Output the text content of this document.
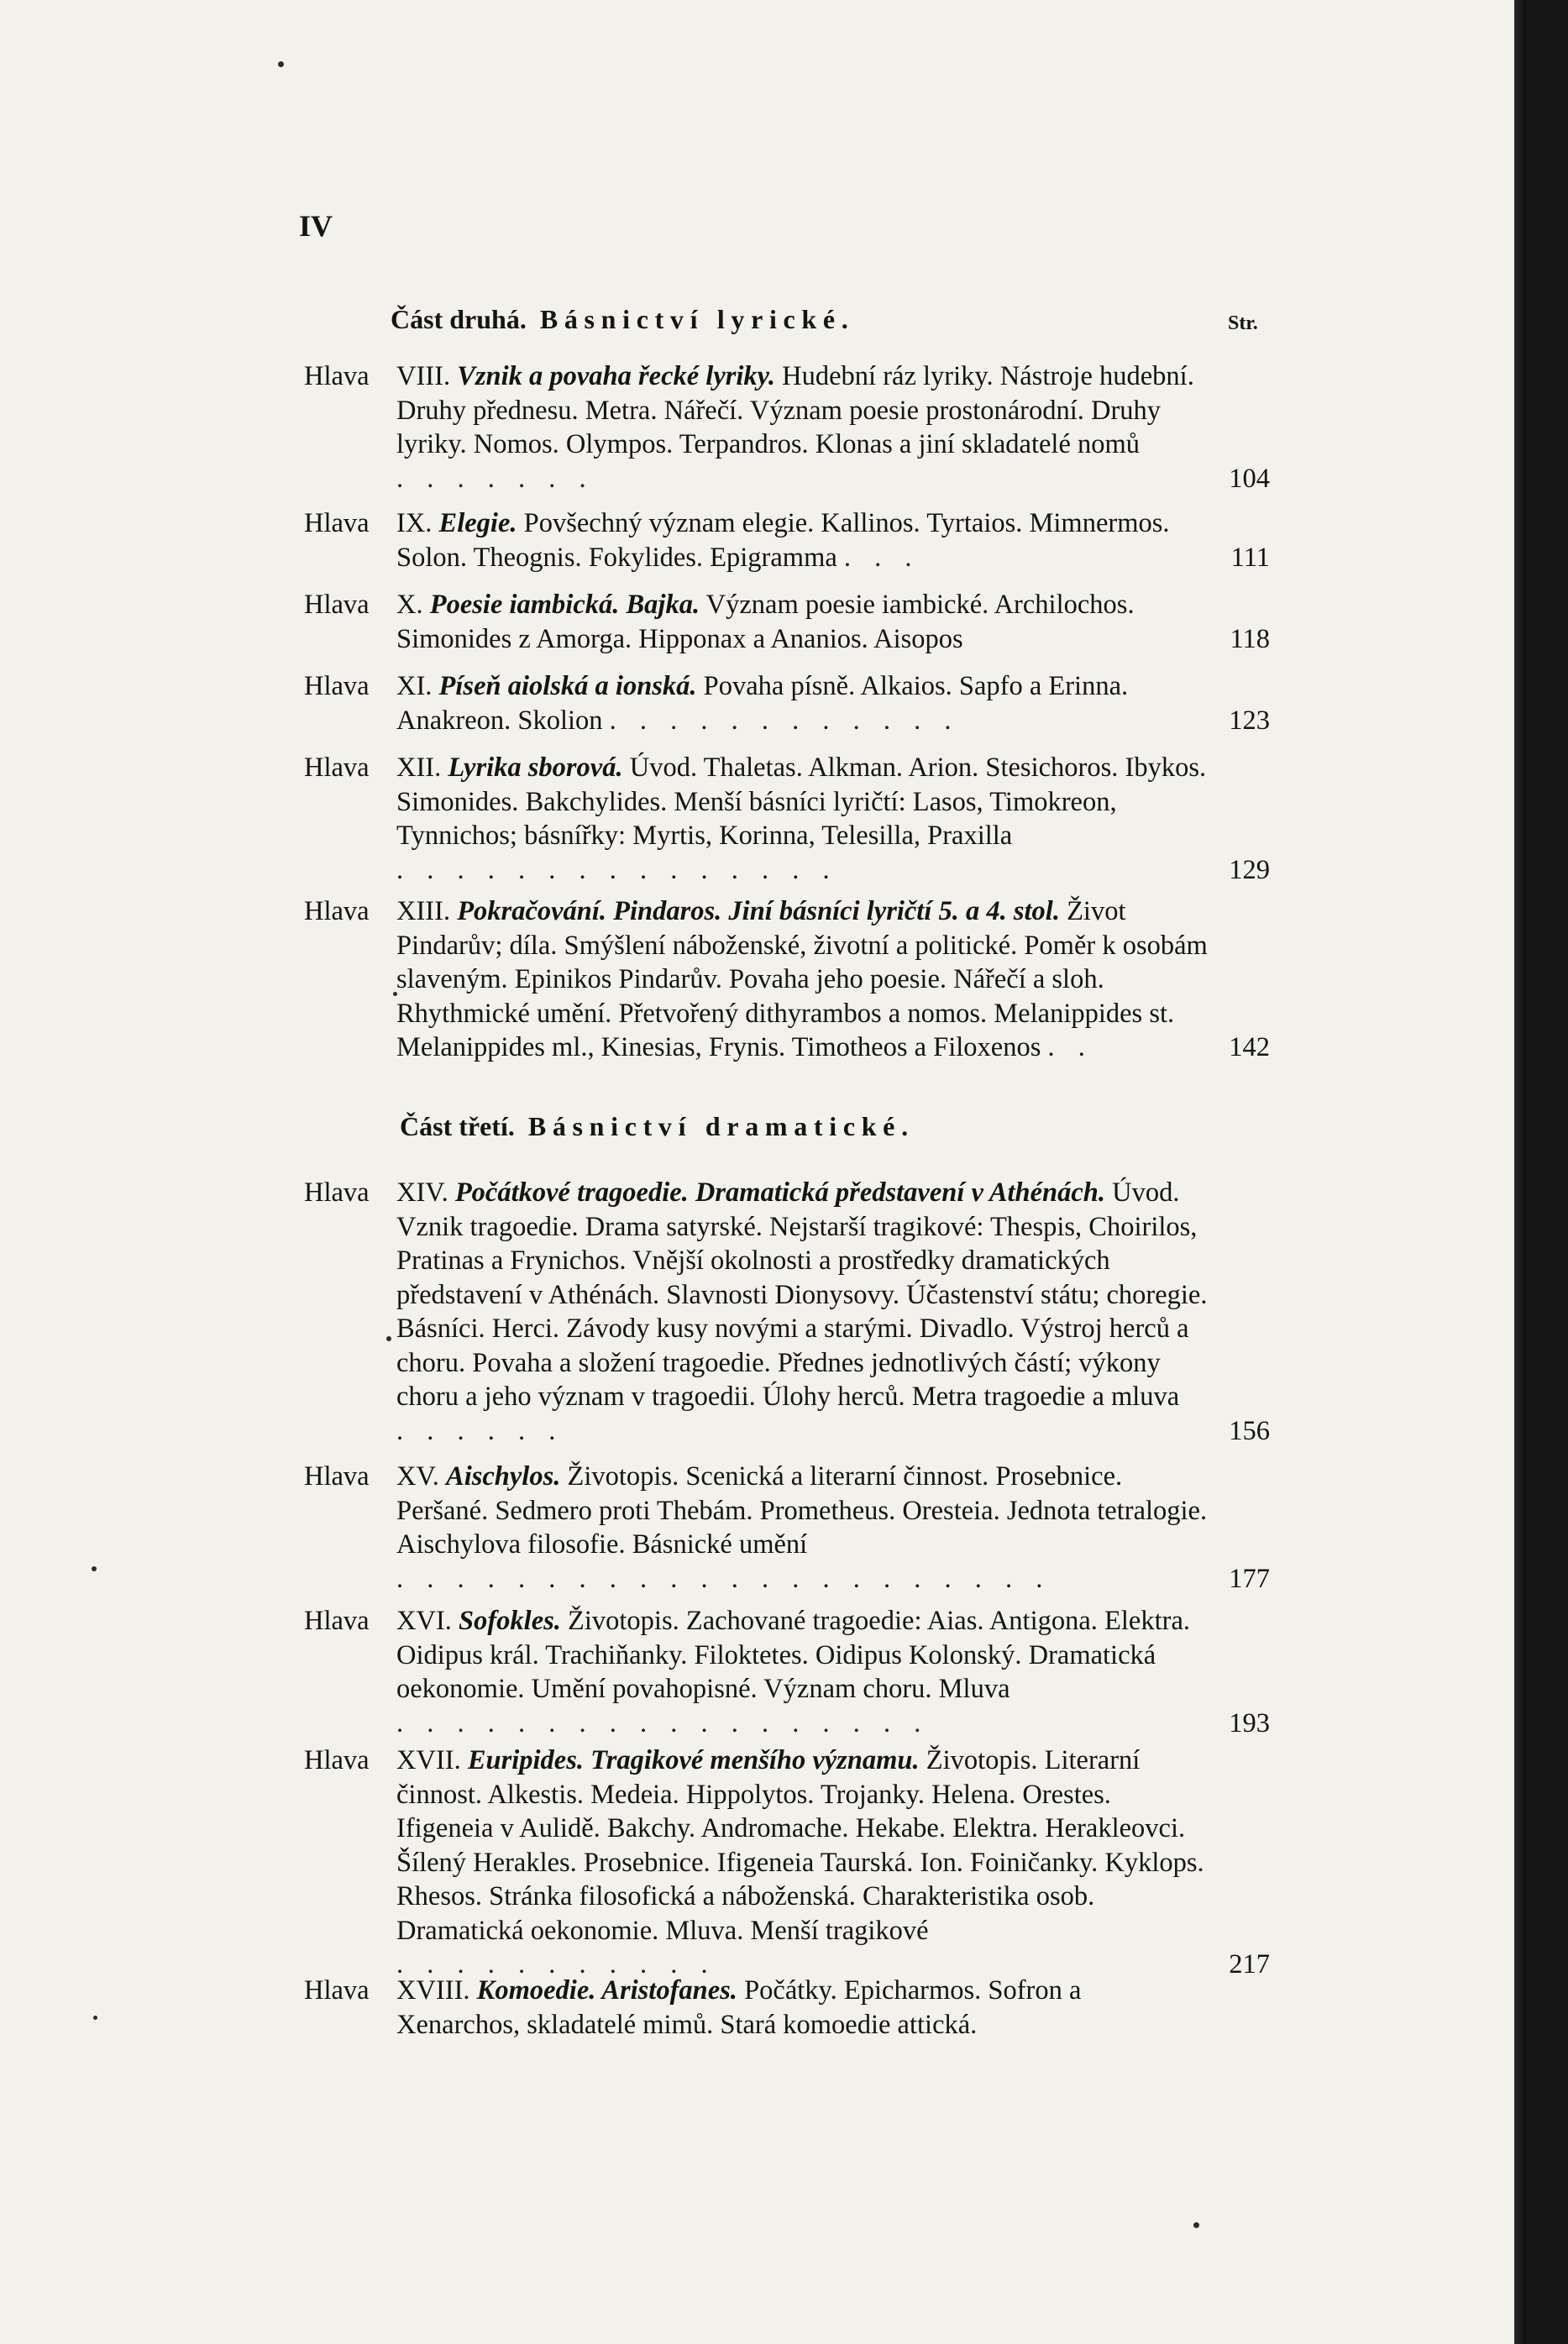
IV
Část druhá. Básnictví lyrické.	Str.
Hlava VIII. Vznik a povaha řecké lyriky. Hudební ráz lyriky. Nástroje hudební. Druhy přednesu. Metra. Nářečí. Význam poesie prostonárodní. Druhy lyriky. Nomos. Olympos. Terpandros. Klonas a jiní skladatelé nomů . . . . . . .	104
Hlava IX. Elegie. Povšechný význam elegie. Kallinos. Tyrtaios. Mimnermos. Solon. Theognis. Fokylides. Epigramma . . .	111
Hlava X. Poesie iambická. Bajka. Význam poesie iambické. Archilochos. Simonides z Amorga. Hipponax a Ananios. Aisopos	118
Hlava XI. Píseň aiolská a ionská. Povaha písně. Alkaios. Sapfo a Erinna. Anakreon. Skolion . . . . . . . . . . . .	123
Hlava XII. Lyrika sborová. Úvod. Thaletas. Alkman. Arion. Stesichoros. Ibykos. Simonides. Bakchylides. Menší básníci lyričtí: Lasos, Timokreon, Tynnichos; básnířky: Myrtis, Korinna, Telesilla, Praxilla . . . . . . . . . . . . . . .	129
Hlava XIII. Pokračování. Pindaros. Jiní básníci lyričtí 5. a 4. stol. Život Pindarův; díla. Smýšlení náboženské, životní a politické. Poměr k osobám slaveným. Epinikos Pindarův. Povaha jeho poesie. Nářečí a sloh. Rhythmické umění. Přetvořený dithyrambos a nomos. Melanippides st. Melanippides ml., Kinesias, Frynis. Timotheos a Filoxenos . .	142
Část třetí. Básnictví dramatické.
Hlava XIV. Počátkové tragoedie. Dramatická představení v Athénách. Úvod. Vznik tragoedie. Drama satyrské. Nejstarší tragikové: Thespis, Choirilos, Pratinas a Frynichos. Vnější okolnosti a prostředky dramatických představení v Athénách. Slavnosti Dionysovy. Účastenství státu; choregie. Básníci. Herci. Závody kusy novými a starými. Divadlo. Výstroj herců a choru. Povaha a složení tragoedie. Přednes jednotlivých částí; výkony choru a jeho význam v tragoedii. Úlohy herců. Metra tragoedie a mluva . . . . . .	156
Hlava XV. Aischylos. Životopis. Scenická a literarní činnost. Prosebnice. Peršané. Sedmero proti Thebám. Prometheus. Oresteia. Jednota tetralogie. Aischylova filosofie. Básnické umění . . . . . . . . . . . . . . . . . . . . . .	177
Hlava XVI. Sofokles. Životopis. Zachované tragoedie: Aias. Antigona. Elektra. Oidipus král. Trachiňanky. Filoktetes. Oidipus Kolonský. Dramatická oekonomie. Umění povahopisné. Význam choru. Mluva . . . . . . . . . . . . . . . . . .	193
Hlava XVII. Euripides. Tragikové menšího významu. Životopis. Literarní činnost. Alkestis. Medeia. Hippolytos. Trojanky. Helena. Orestes. Ifigeneia v Aulidě. Bakchy. Andromache. Hekabe. Elektra. Herakleovci. Šílený Herakles. Prosebnice. Ifigeneia Taurská. Ion. Foiničanky. Kyklops. Rhesos. Stránka filosofická a náboženská. Charakteristika osob. Dramatická oekonomie. Mluva. Menší tragikové . . . . . . . . . . .	217
Hlava XVIII. Komoedie. Aristofanes. Počátky. Epicharmos. Sofron a Xenarchos, skladatelé mimů. Stará komoedie attická.
